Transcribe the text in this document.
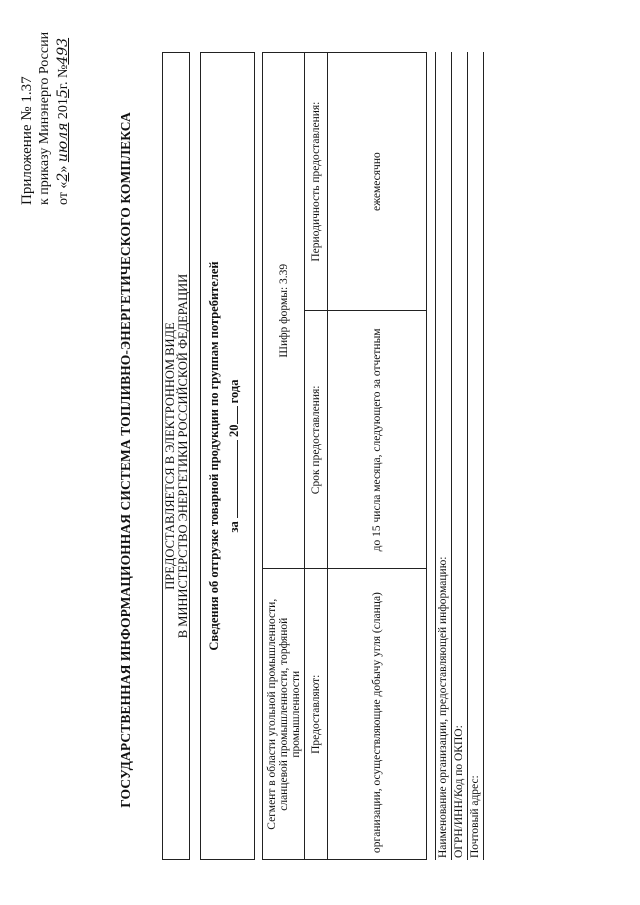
Приложение № 1.37 к приказу Минэнерго России от «2» июля 2015г. №493
ГОСУДАРСТВЕННАЯ ИНФОРМАЦИОННАЯ СИСТЕМА ТОПЛИВНО-ЭНЕРГЕТИЧЕСКОГО КОМПЛЕКСА ПРЕДОСТАВЛЯЕТСЯ В ЭЛЕКТРОННОМ ВИДЕ В МИНИСТЕРСТВО ЭНЕРГЕТИКИ РОССИЙСКОЙ ФЕДЕРАЦИИ Сведения об отгрузке товарной продукции по группам потребителей за  20 года
Сегмент в области угольной промышленности, сланцевой промышленности, торфяной промышленности	Шифр формы: 3.39	
Предоставляют:	Срок предоставления:	Периодичность предоставления:
организации, осуществляющие добычу угля (сланца)	до 15 числа месяца, следующего за отчетным	ежемесячно
Наименование организации, предоставляющей информацию: ОГРН/ИНН/Код по ОКПО: Почтовый адрес:
